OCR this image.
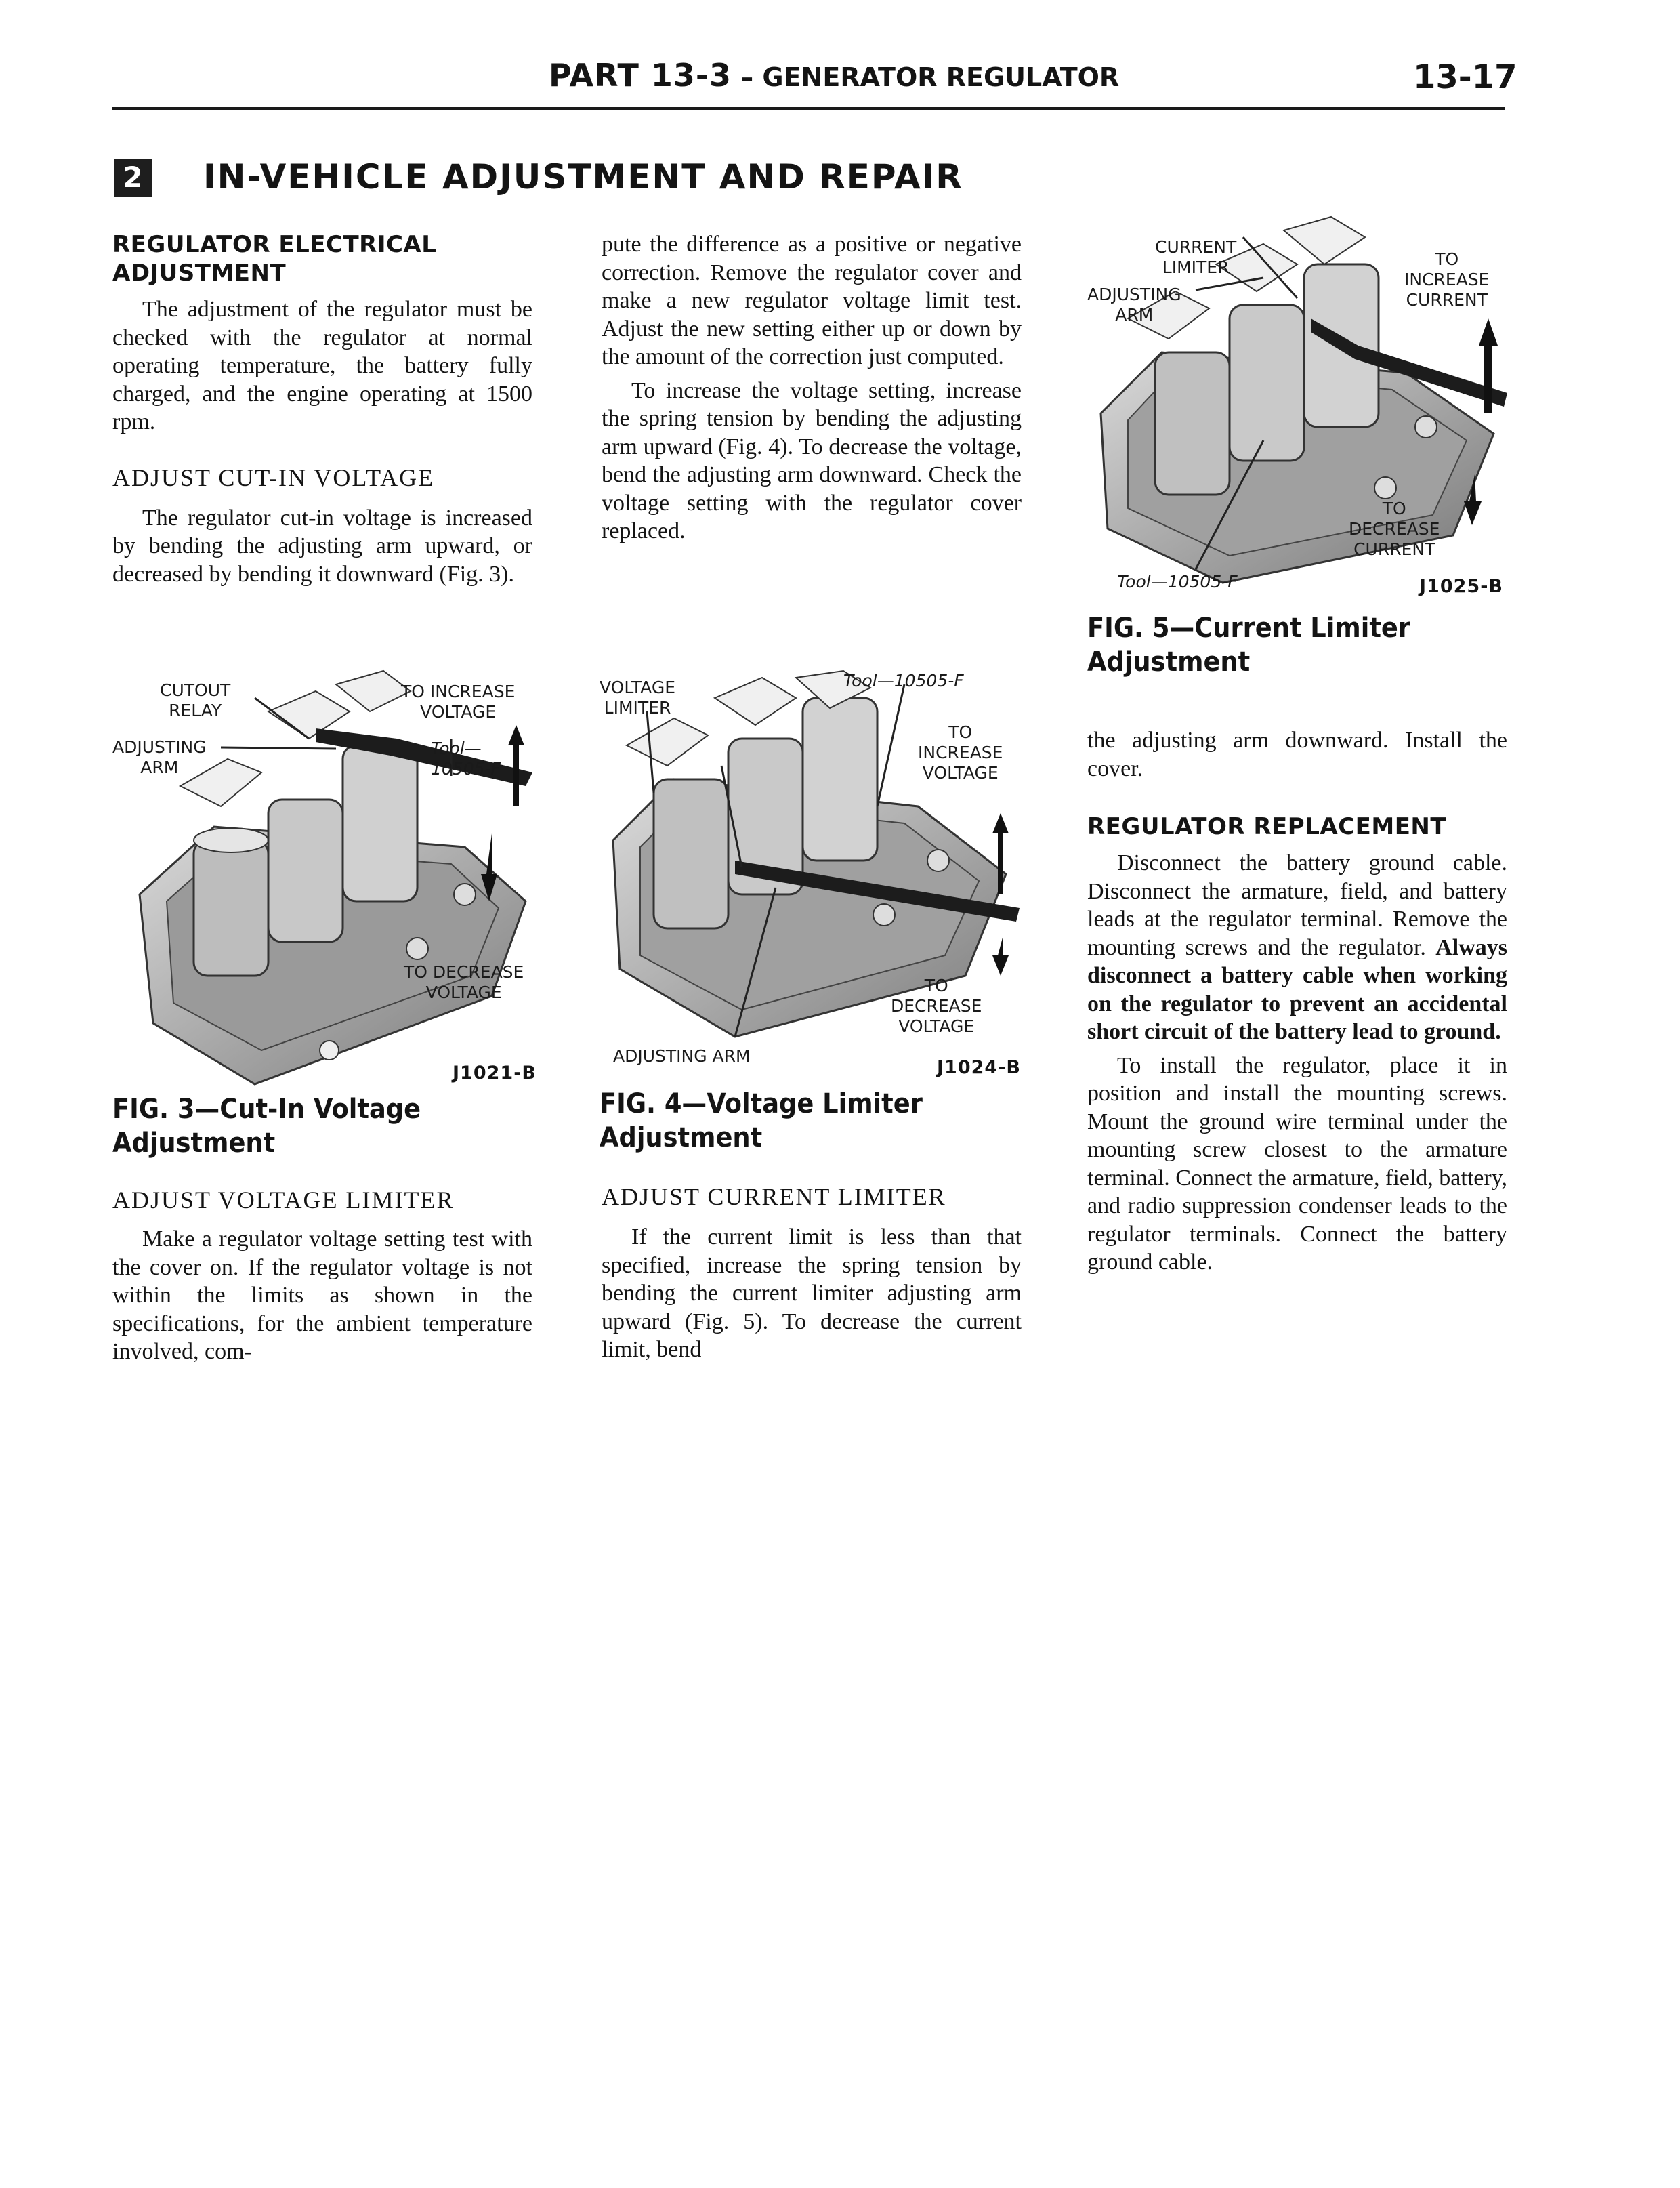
PART 13-3 – GENERATOR REGULATOR	13-17
2 IN-VEHICLE ADJUSTMENT AND REPAIR
REGULATOR ELECTRICAL
ADJUSTMENT

The adjustment of the regulator must be checked with the regulator at normal operating temperature, the battery fully charged, and the engine operating at 1500 rpm.

ADJUST CUT-IN VOLTAGE

The regulator cut-in voltage is increased by bending the adjusting arm upward, or decreased by bending it downward (Fig. 3).

CUTOUT
RELAY
ADJUSTING
ARM
TO INCREASE
VOLTAGE
Tool—
10505-F
TO DECREASE
VOLTAGE
J1021-B
FIG. 3—Cut-In Voltage
Adjustment
ADJUST VOLTAGE LIMITER

Make a regulator voltage setting test with the cover on. If the regulator voltage is not within the limits as shown in the specifications, for the ambient temperature involved, com-

pute the difference as a positive or negative correction. Remove the regulator cover and make a new regulator voltage limit test. Adjust the new setting either up or down by the amount of the correction just computed.

To increase the voltage setting, increase the spring tension by bending the adjusting arm upward (Fig. 4). To decrease the voltage, bend the adjusting arm downward. Check the voltage setting with the regulator cover replaced.

VOLTAGE
LIMITER
Tool—10505-F
TO
INCREASE
VOLTAGE
TO
DECREASE
VOLTAGE
ADJUSTING ARM
J1024-B
FIG. 4—Voltage Limiter
Adjustment
ADJUST CURRENT LIMITER

If the current limit is less than that specified, increase the spring tension by bending the current limiter adjusting arm upward (Fig. 5). To decrease the current limit, bend

CURRENT
LIMITER
ADJUSTING
ARM
TO
INCREASE
CURRENT
TO
DECREASE
CURRENT
Tool—10505-F	J1025-B
FIG. 5—Current Limiter
Adjustment

the adjusting arm downward. Install the cover.

REGULATOR REPLACEMENT

Disconnect the battery ground cable. Disconnect the armature, field, and battery leads at the regulator terminal. Remove the mounting screws and the regulator. Always disconnect a battery cable when working on the regulator to prevent an accidental short circuit of the battery lead to ground.

To install the regulator, place it in position and install the mounting screws. Mount the ground wire terminal under the mounting screw closest to the armature terminal. Connect the armature, field, battery, and radio suppression condenser leads to the regulator terminals. Connect the battery ground cable.
